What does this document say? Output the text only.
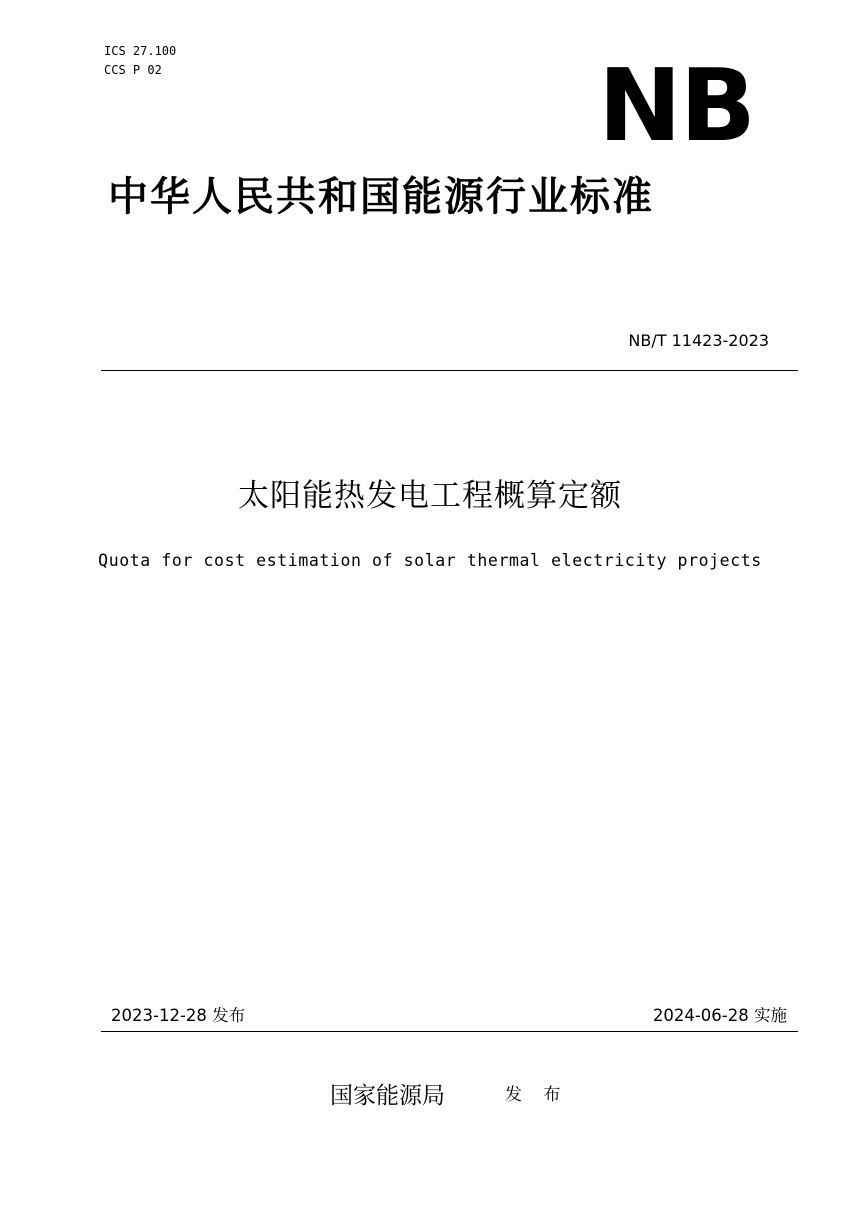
ICS 27.100
CCS P 02	NB
中华人民共和国能源行业标准
NB/T 11423-2023
太阳能热发电工程概算定额
Quota for cost estimation of solar thermal electricity projects
2023-12-28 发布	2024-06-28 实施
国家能源局	发 布
